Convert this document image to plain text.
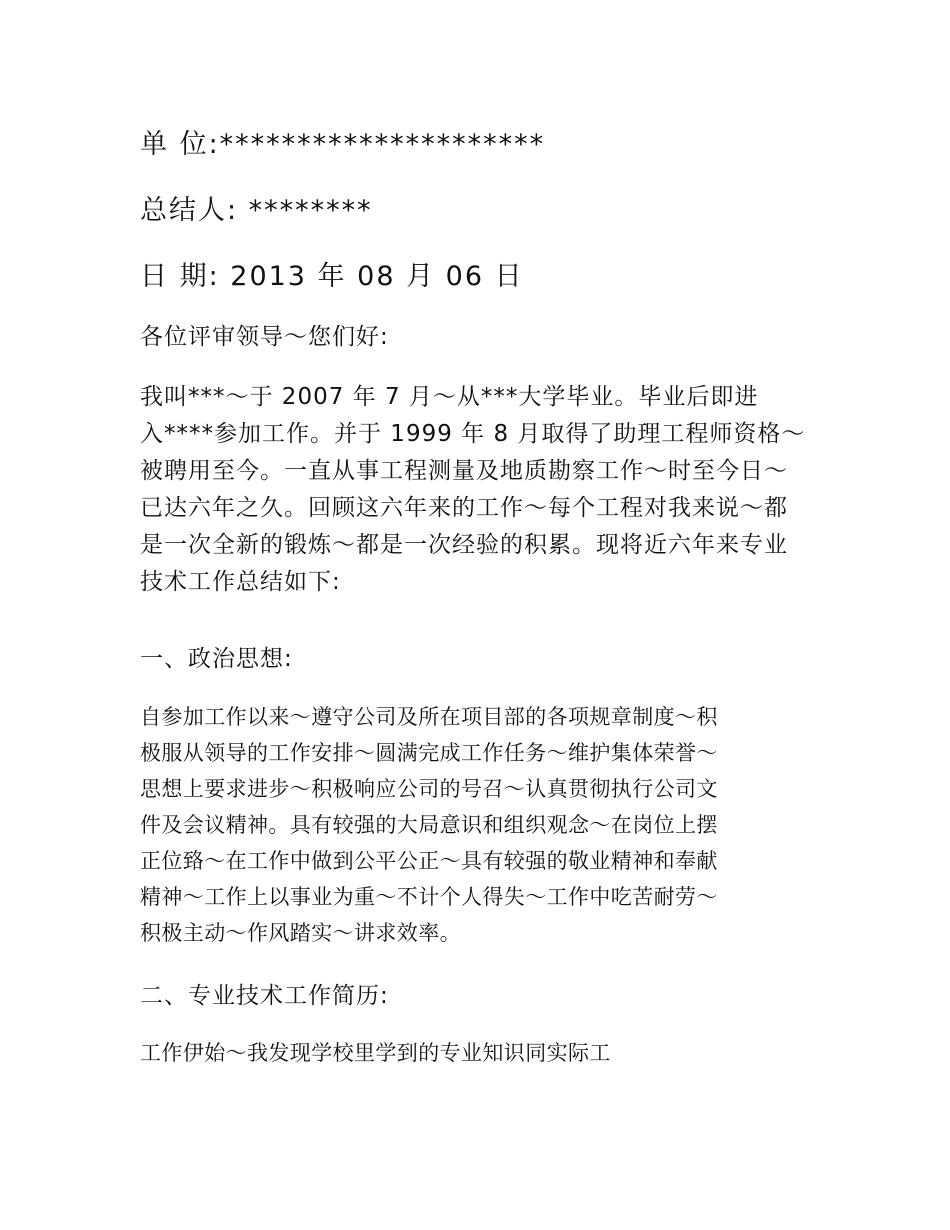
单 位:*********************

总结人: ********

日 期: 2013 年 08 月 06 日

各位评审领导～您们好:

我叫***～于 2007 年 7 月～从***大学毕业。毕业后即进

入****参加工作。并于 1999 年 8 月取得了助理工程师资格～

被聘用至今。一直从事工程测量及地质勘察工作～时至今日～

已达六年之久。回顾这六年来的工作～每个工程对我来说～都

是一次全新的锻炼～都是一次经验的积累。现将近六年来专业

技术工作总结如下:

一、政治思想:

自参加工作以来～遵守公司及所在项目部的各项规章制度～积

极服从领导的工作安排～圆满完成工作任务～维护集体荣誉～

思想上要求进步～积极响应公司的号召～认真贯彻执行公司文

件及会议精神。具有较强的大局意识和组织观念～在岗位上摆

正位臵～在工作中做到公平公正～具有较强的敬业精神和奉献

精神～工作上以事业为重～不计个人得失～工作中吃苦耐劳～

积极主动～作风踏实～讲求效率。

二、专业技术工作简历:

工作伊始～我发现学校里学到的专业知识同实际工
